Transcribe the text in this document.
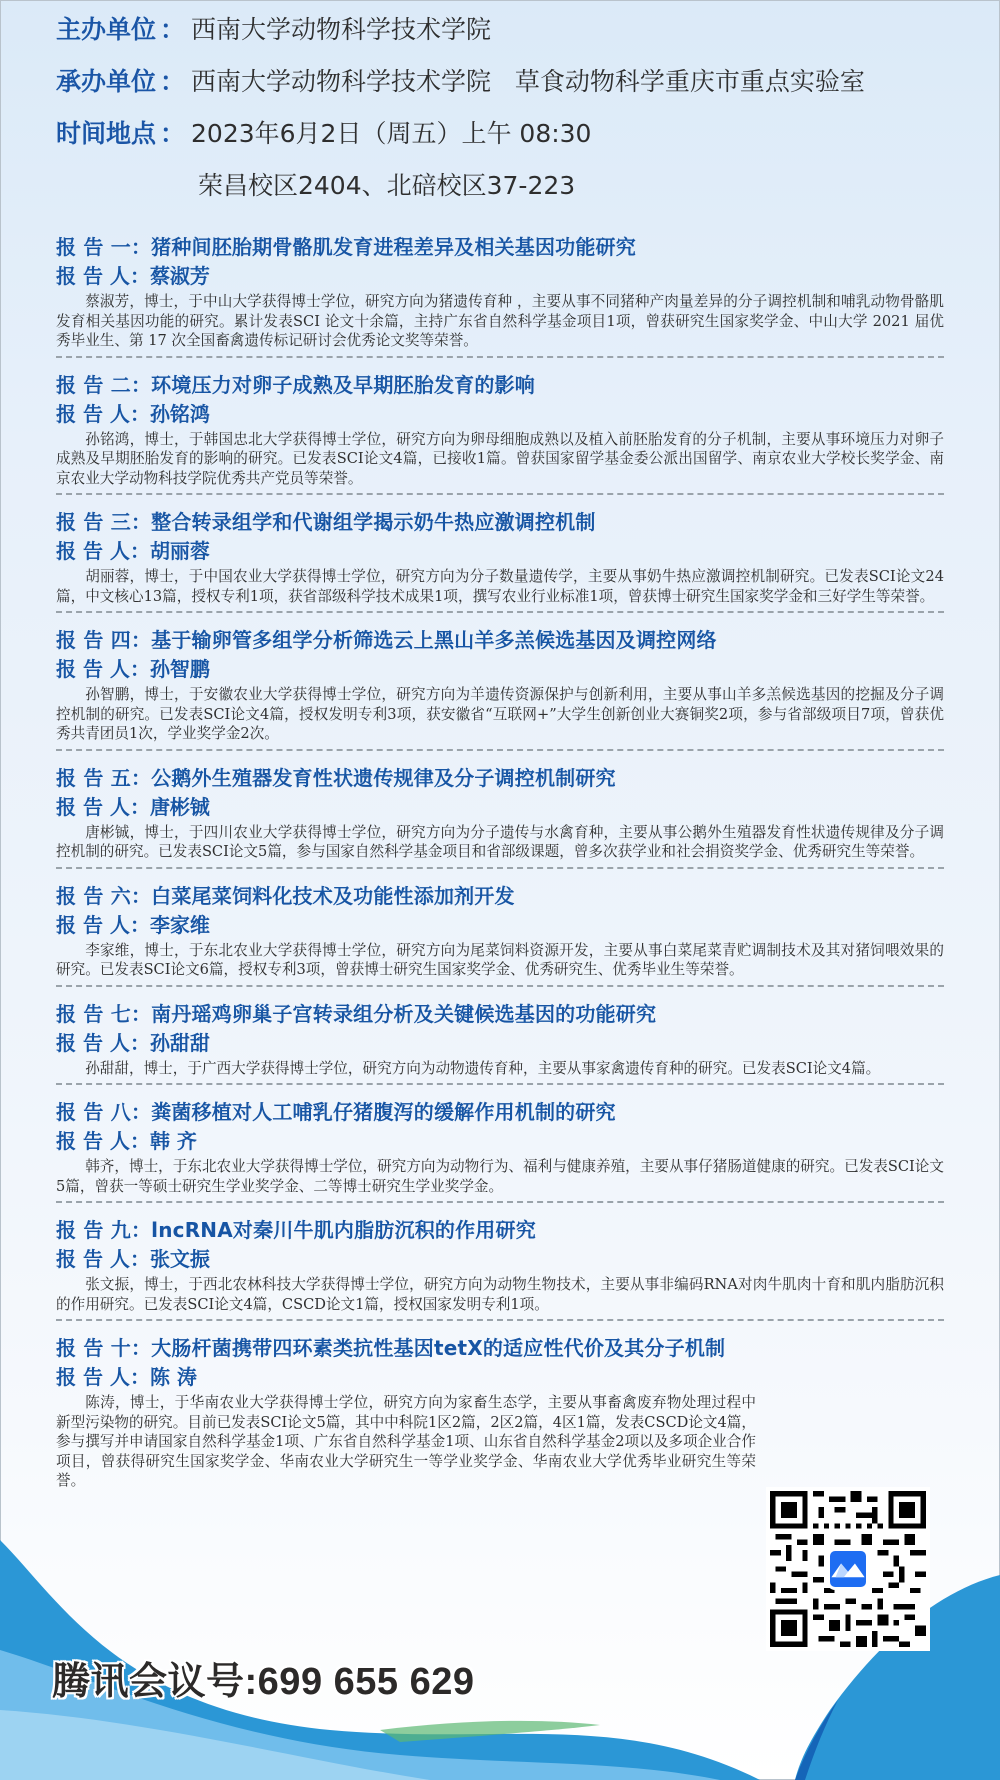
主办单位 ： 西南大学动物科学技术学院
承办单位 ： 西南大学动物科学技术学院   草食动物科学重庆市重点实验室
时间地点 ： 2023年6月2日（周五）上午 08:30
荣昌校区2404、北碚校区37-223
报 告 一：猪种间胚胎期骨骼肌发育进程差异及相关基因功能研究
报 告 人：蔡淑芳

蔡淑芳，博士，于中山大学获得博士学位，研究方向为猪遗传育种 ，主要从事不同猪种产肉量差异的分子调控机制和哺乳动物骨骼肌发育相关基因功能的研究。累计发表SCI 论文十余篇，主持广东省自然科学基金项目1项，曾获研究生国家奖学金、中山大学 2021 届优秀毕业生、第 17 次全国畜禽遗传标记研讨会优秀论文奖等荣誉。

报 告 二：环境压力对卵子成熟及早期胚胎发育的影响
报 告 人：孙铭鸿

孙铭鸿，博士，于韩国忠北大学获得博士学位，研究方向为卵母细胞成熟以及植入前胚胎发育的分子机制，主要从事环境压力对卵子成熟及早期胚胎发育的影响的研究。已发表SCI论文4篇，已接收1篇。曾获国家留学基金委公派出国留学、南京农业大学校长奖学金、南京农业大学动物科技学院优秀共产党员等荣誉。

报 告 三：整合转录组学和代谢组学揭示奶牛热应激调控机制
报 告 人：胡丽蓉

胡丽蓉，博士，于中国农业大学获得博士学位，研究方向为分子数量遗传学，主要从事奶牛热应激调控机制研究。已发表SCI论文24篇，中文核心13篇，授权专利1项，获省部级科学技术成果1项，撰写农业行业标准1项，曾获博士研究生国家奖学金和三好学生等荣誉。

报 告 四：基于输卵管多组学分析筛选云上黑山羊多羔候选基因及调控网络
报 告 人：孙智鹏

孙智鹏，博士，于安徽农业大学获得博士学位，研究方向为羊遗传资源保护与创新利用，主要从事山羊多羔候选基因的挖掘及分子调控机制的研究。已发表SCI论文4篇，授权发明专利3项，获安徽省“互联网+”大学生创新创业大赛铜奖2项，参与省部级项目7项，曾获优秀共青团员1次，学业奖学金2次。

报 告 五：公鹅外生殖器发育性状遗传规律及分子调控机制研究
报 告 人：唐彬铖

唐彬铖，博士，于四川农业大学获得博士学位，研究方向为分子遗传与水禽育种，主要从事公鹅外生殖器发育性状遗传规律及分子调控机制的研究。已发表SCI论文5篇，参与国家自然科学基金项目和省部级课题，曾多次获学业和社会捐资奖学金、优秀研究生等荣誉。

报 告 六：白菜尾菜饲料化技术及功能性添加剂开发
报 告 人：李家维

李家维，博士，于东北农业大学获得博士学位，研究方向为尾菜饲料资源开发，主要从事白菜尾菜青贮调制技术及其对猪饲喂效果的研究。已发表SCI论文6篇，授权专利3项，曾获博士研究生国家奖学金、优秀研究生、优秀毕业生等荣誉。

报 告 七：南丹瑶鸡卵巢子宫转录组分析及关键候选基因的功能研究
报 告 人：孙甜甜

孙甜甜，博士，于广西大学获得博士学位，研究方向为动物遗传育种，主要从事家禽遗传育种的研究。已发表SCI论文4篇。

报 告 八：粪菌移植对人工哺乳仔猪腹泻的缓解作用机制的研究
报 告 人：韩 齐

韩齐，博士，于东北农业大学获得博士学位，研究方向为动物行为、福利与健康养殖，主要从事仔猪肠道健康的研究。已发表SCI论文5篇，曾获一等硕士研究生学业奖学金、二等博士研究生学业奖学金。

报 告 九：lncRNA对秦川牛肌内脂肪沉积的作用研究
报 告 人：张文振

张文振，博士，于西北农林科技大学获得博士学位，研究方向为动物生物技术，主要从事非编码RNA对肉牛肌肉十育和肌内脂肪沉积的作用研究。已发表SCI论文4篇，CSCD论文1篇，授权国家发明专利1项。

报 告 十：大肠杆菌携带四环素类抗性基因tetX的适应性代价及其分子机制
报 告 人：陈 涛

陈涛，博士，于华南农业大学获得博士学位，研究方向为家畜生态学，主要从事畜禽废弃物处理过程中新型污染物的研究。目前已发表SCI论文5篇，其中中科院1区2篇，2区2篇，4区1篇，发表CSCD论文4篇，参与撰写并申请国家自然科学基金1项、广东省自然科学基金1项、山东省自然科学基金2项以及多项企业合作项目，曾获得研究生国家奖学金、华南农业大学研究生一等学业奖学金、华南农业大学优秀毕业研究生等荣誉。

腾讯会议号:699 655 629
